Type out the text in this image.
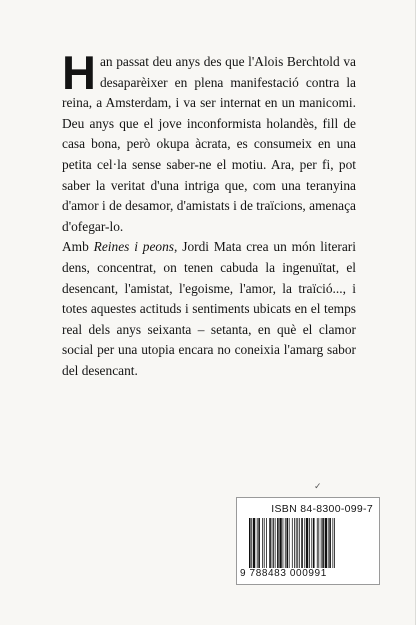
Han passat deu anys des que l'Alois Berchtold va desaparèixer en plena manifestació contra la reina, a Amsterdam, i va ser internat en un manicomi. Deu anys que el jove inconformista holandès, fill de casa bona, però okupa àcrata, es consumeix en una petita cel·la sense saber-ne el motiu. Ara, per fi, pot saber la veritat d'una intriga que, com una teranyina d'amor i de desamor, d'amistats i de traïcions, amenaça d'ofegar-lo.

Amb Reines i peons, Jordi Mata crea un món literari dens, concentrat, on tenen cabuda la ingenuïtat, el desencant, l'amistat, l'egoisme, l'amor, la traïció..., i totes aquestes actituds i sentiments ubicats en el temps real dels anys seixanta – setanta, en què el clamor social per una utopia encara no coneixia l'amarg sabor del desencant.

✓
ISBN 84-8300-099-7
9 788483 000991
